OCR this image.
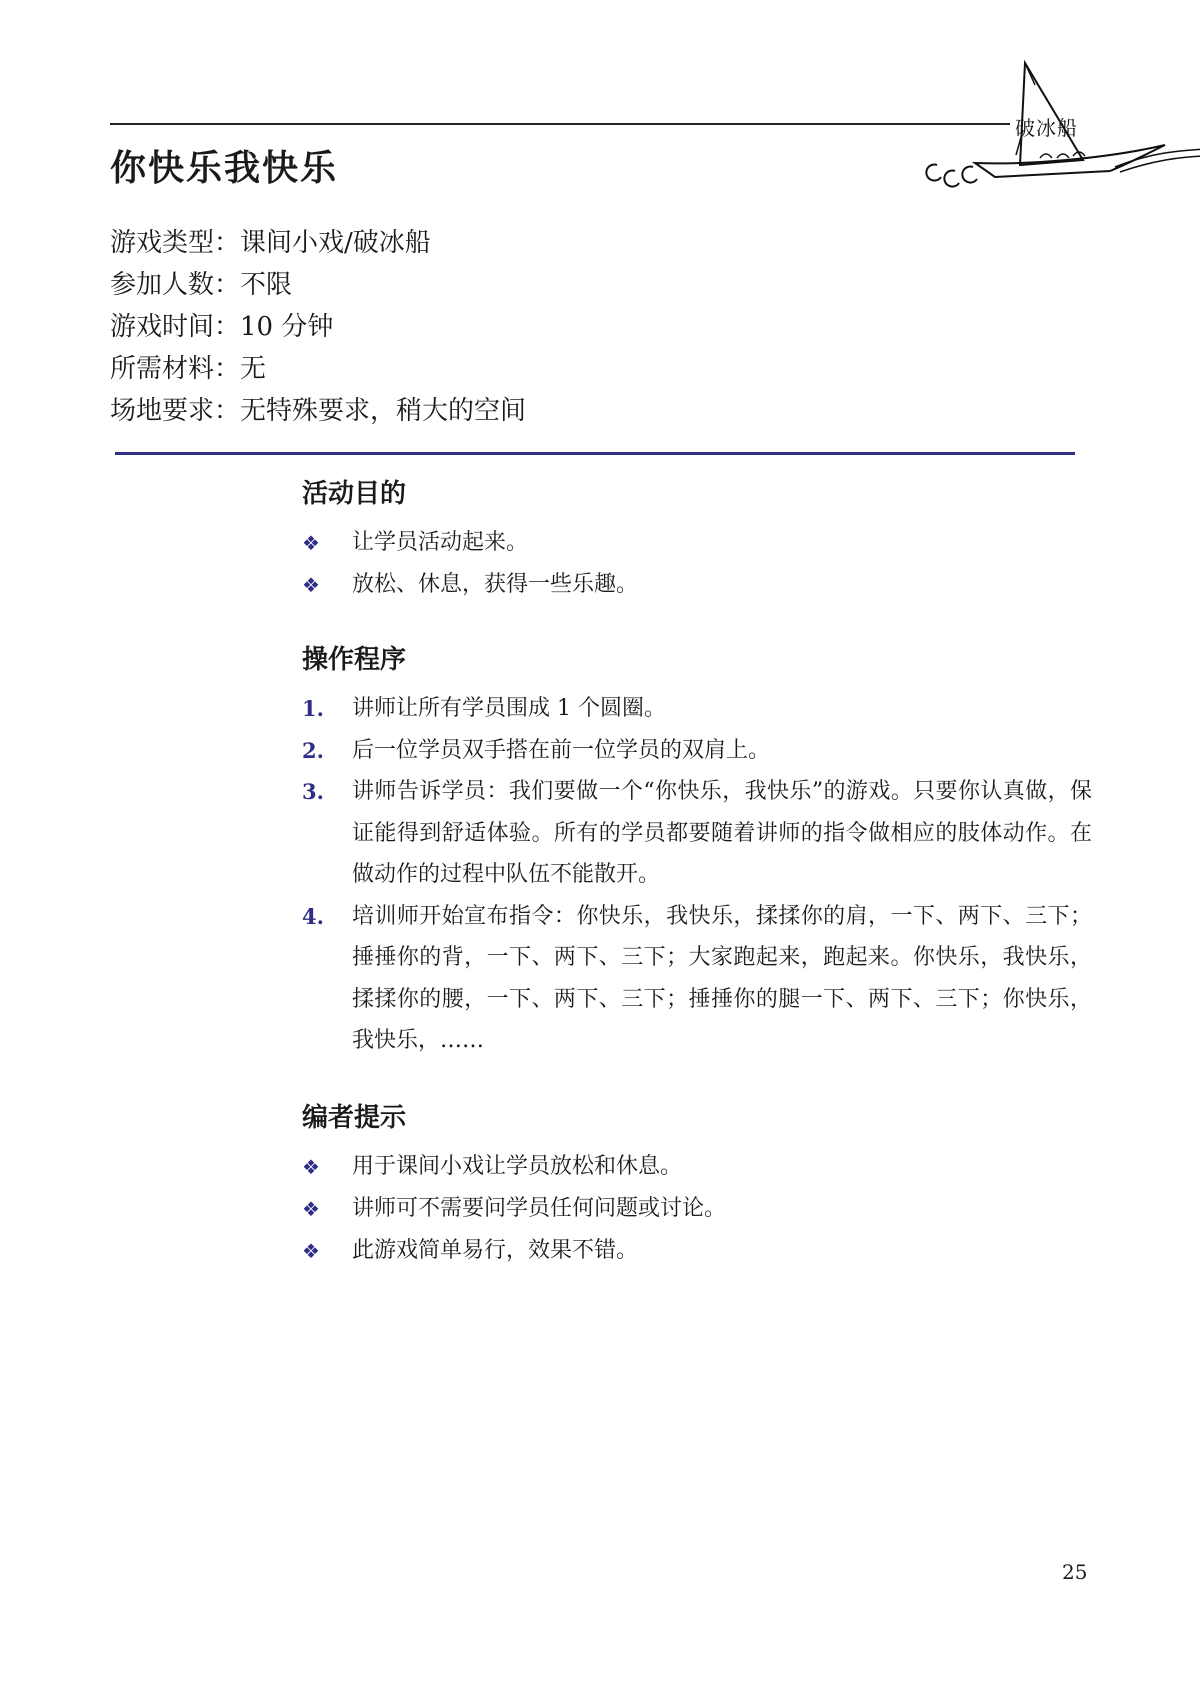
破冰船
你快乐我快乐
游戏类型：课间小戏/破冰船
参加人数：不限
游戏时间：10 分钟
所需材料：无
场地要求：无特殊要求，稍大的空间
活动目的
❖ 让学员活动起来。
❖ 放松、休息，获得一些乐趣。
操作程序
1. 讲师让所有学员围成 1 个圆圈。
2. 后一位学员双手搭在前一位学员的双肩上。
3. 讲师告诉学员：我们要做一个“你快乐，我快乐”的游戏。只要你认真做，保证能得到舒适体验。所有的学员都要随着讲师的指令做相应的肢体动作。在做动作的过程中队伍不能散开。
4. 培训师开始宣布指令：你快乐，我快乐，揉揉你的肩，一下、两下、三下；捶捶你的背，一下、两下、三下；大家跑起来，跑起来。你快乐，我快乐，揉揉你的腰，一下、两下、三下；捶捶你的腿一下、两下、三下；你快乐，我快乐，……
编者提示
❖ 用于课间小戏让学员放松和休息。
❖ 讲师可不需要问学员任何问题或讨论。
❖ 此游戏简单易行，效果不错。
25
